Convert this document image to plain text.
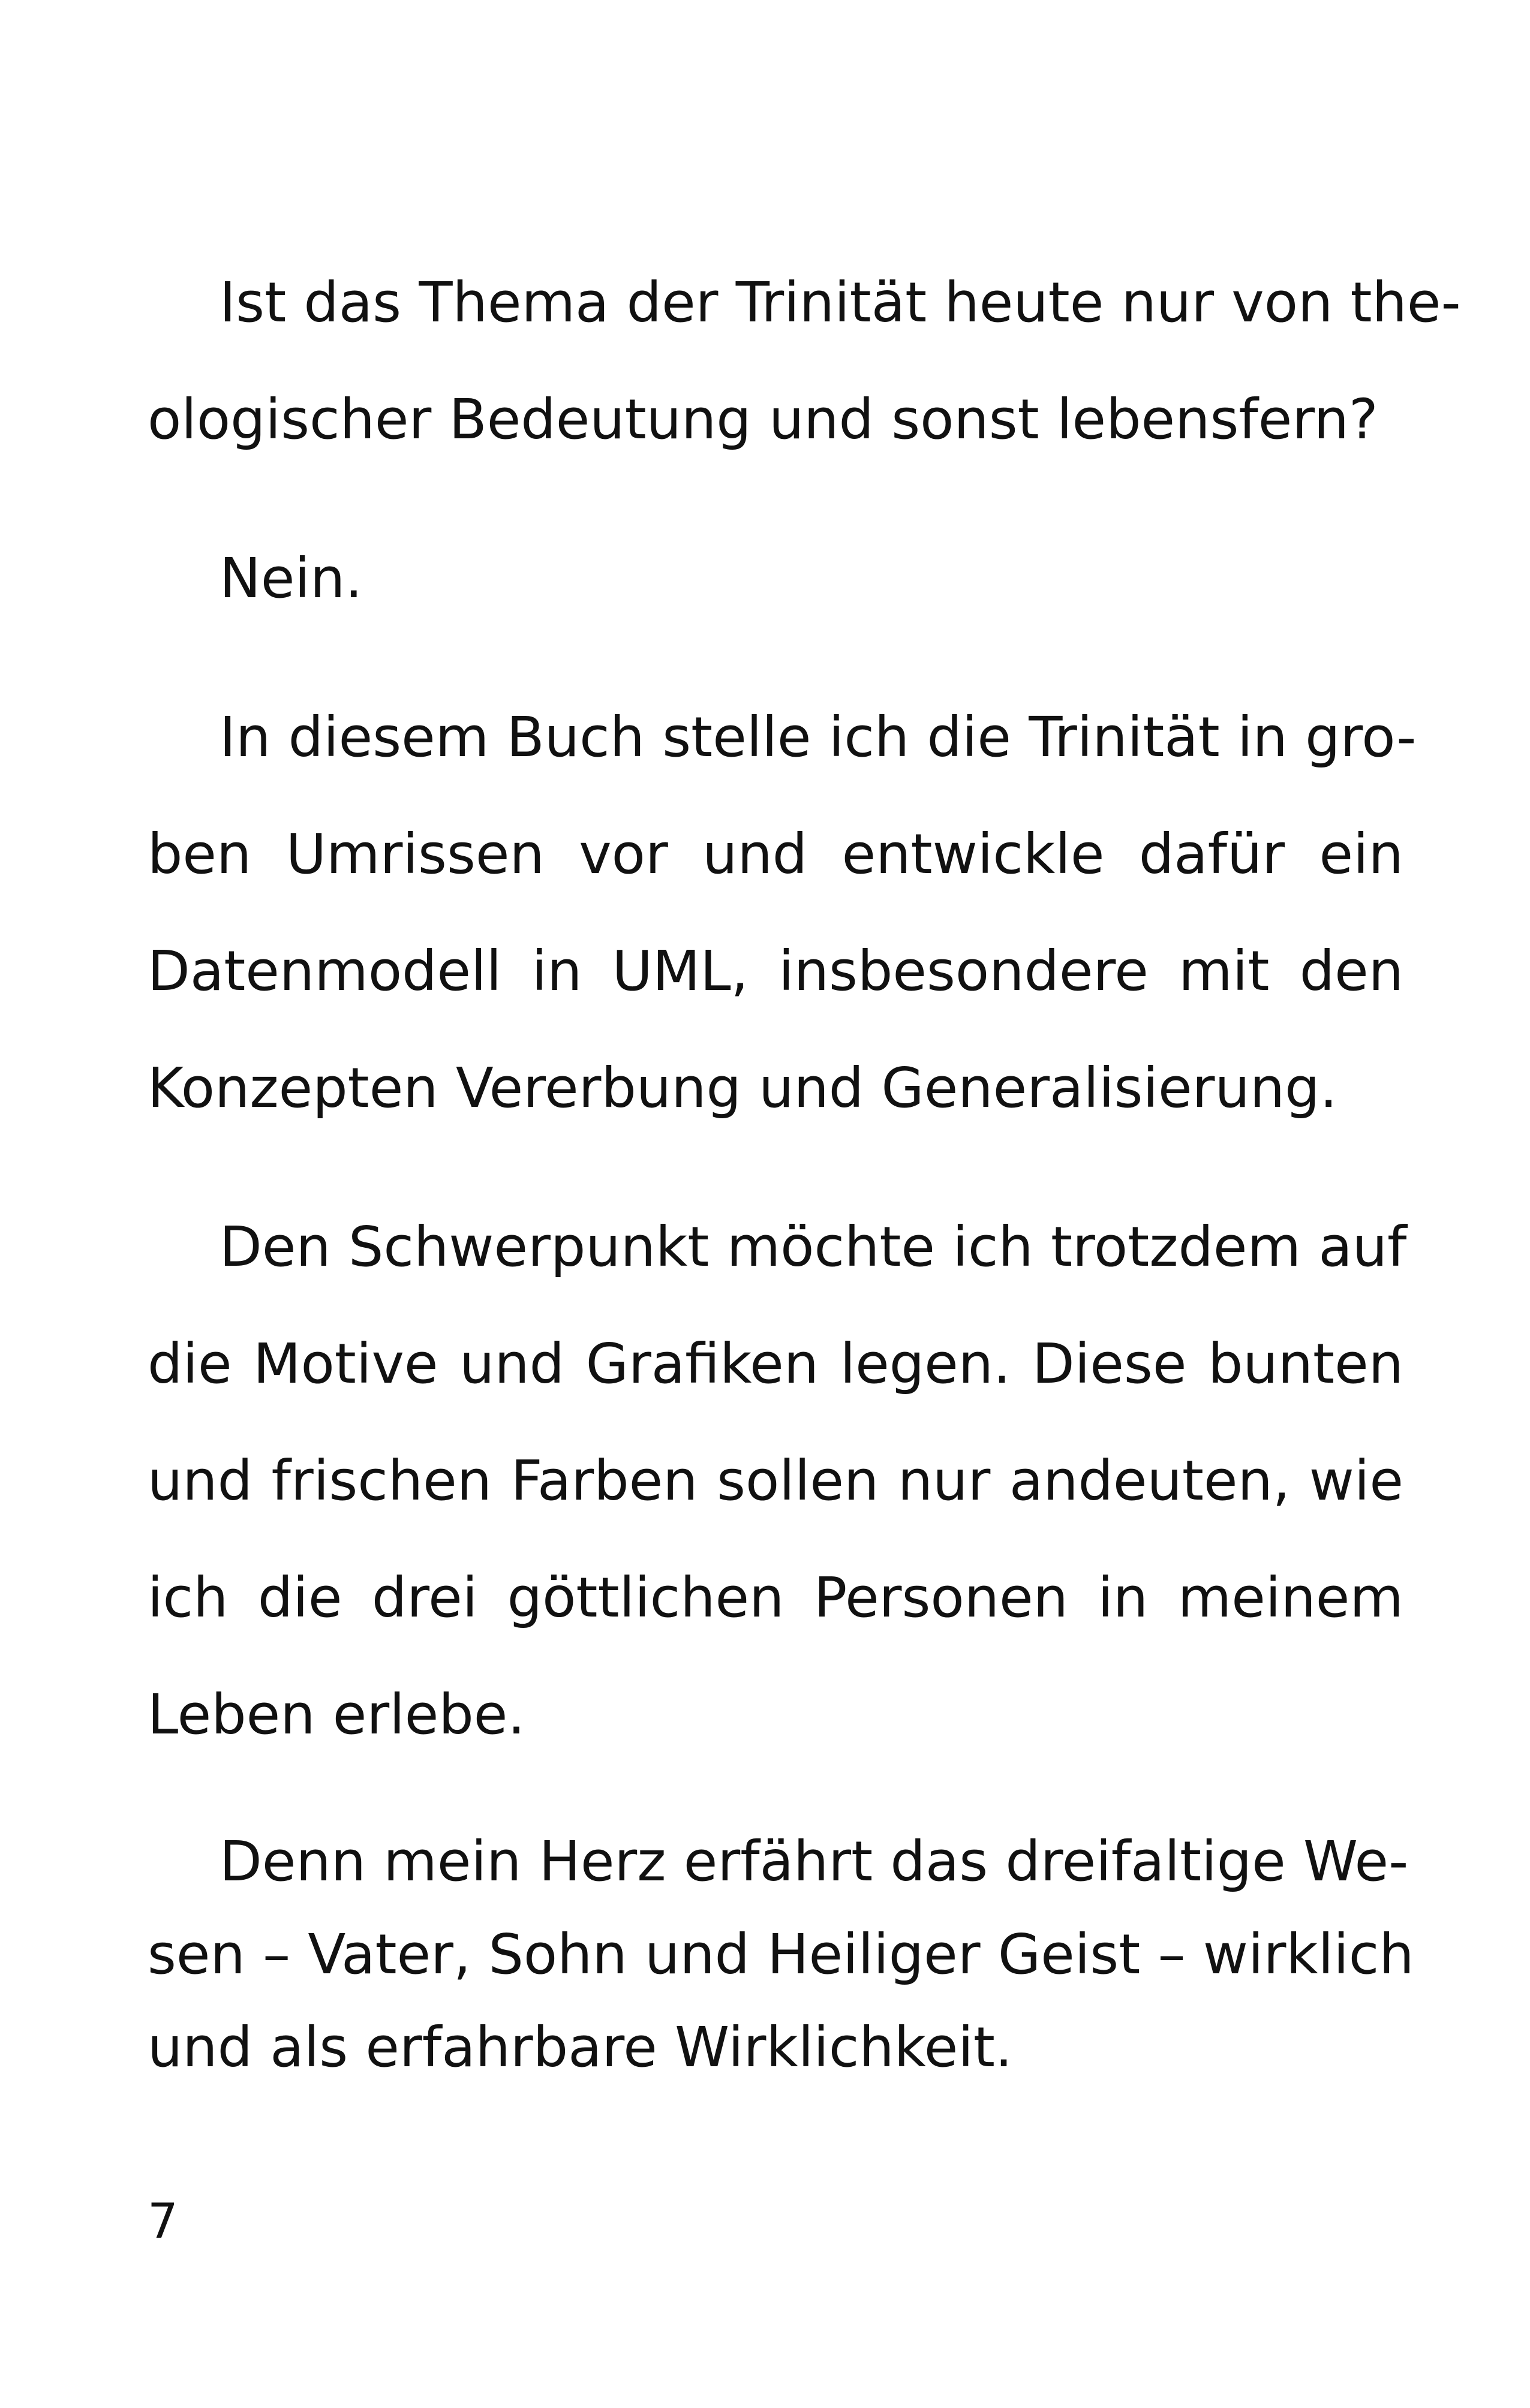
Ist das Thema der Trinität heute nur von the-
ologischer Bedeutung und sonst lebensfern?
Nein.
In diesem Buch stelle ich die Trinität in gro-
ben Umrissen vor und entwickle dafür ein
Datenmodell in UML, insbesondere mit den
Konzepten Vererbung und Generalisierung.
Den Schwerpunkt möchte ich trotzdem auf
die Motive und Grafiken legen. Diese bunten
und frischen Farben sollen nur andeuten, wie
ich die drei göttlichen Personen in meinem
Leben erlebe.
Denn mein Herz erfährt das dreifaltige We-
sen – Vater, Sohn und Heiliger Geist – wirklich
und als erfahrbare Wirklichkeit.
7
